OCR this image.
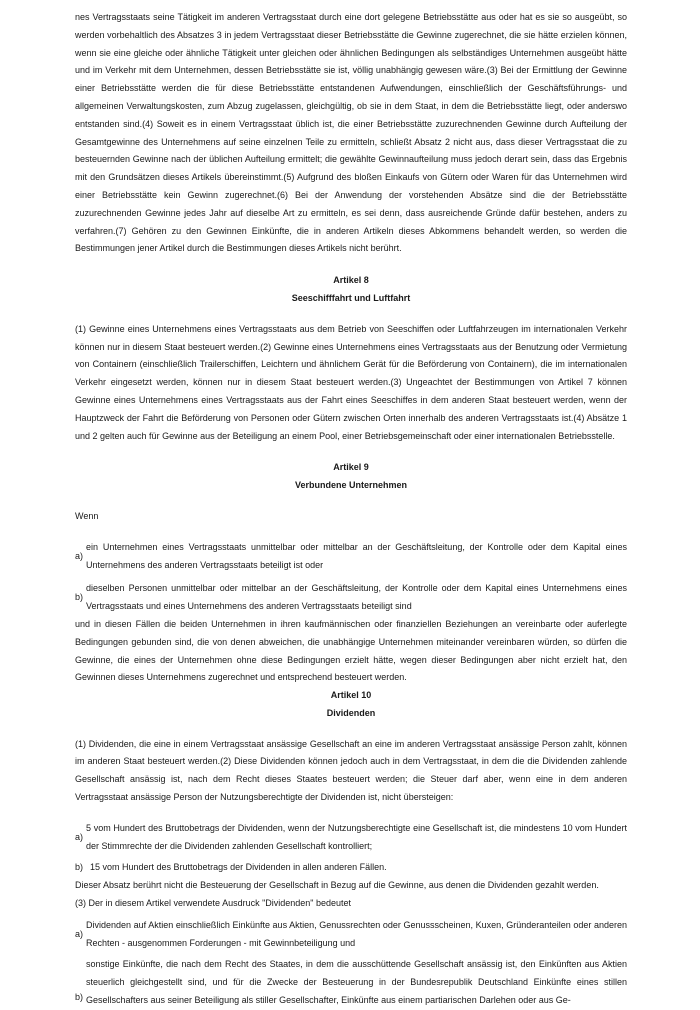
nes Vertragsstaats seine Tätigkeit im anderen Vertragsstaat durch eine dort gelegene Betriebsstätte aus oder hat es sie so ausgeübt, so werden vorbehaltlich des Absatzes 3 in jedem Vertragsstaat dieser Betriebsstätte die Gewinne zugerechnet, die sie hätte erzielen können, wenn sie eine gleiche oder ähnliche Tätigkeit unter gleichen oder ähnlichen Bedingungen als selbständiges Unternehmen ausgeübt hätte und im Verkehr mit dem Unternehmen, dessen Betriebsstätte sie ist, völlig unabhängig gewesen wäre.(3) Bei der Ermittlung der Gewinne einer Betriebsstätte werden die für diese Betriebsstätte entstandenen Aufwendungen, einschließlich der Geschäftsführungs- und allgemeinen Verwaltungskosten, zum Abzug zugelassen, gleichgültig, ob sie in dem Staat, in dem die Betriebsstätte liegt, oder anderswo entstanden sind.(4) Soweit es in einem Vertragsstaat üblich ist, die einer Betriebsstätte zuzurechnenden Gewinne durch Aufteilung der Gesamtgewinne des Unternehmens auf seine einzelnen Teile zu ermitteln, schließt Absatz 2 nicht aus, dass dieser Vertragsstaat die zu besteuernden Gewinne nach der üblichen Aufteilung ermittelt; die gewählte Gewinnaufteilung muss jedoch derart sein, dass das Ergebnis mit den Grundsätzen dieses Artikels übereinstimmt.(5) Aufgrund des bloßen Einkaufs von Gütern oder Waren für das Unternehmen wird einer Betriebsstätte kein Gewinn zugerechnet.(6) Bei der Anwendung der vorstehenden Absätze sind die der Betriebsstätte zuzurechnenden Gewinne jedes Jahr auf dieselbe Art zu ermitteln, es sei denn, dass ausreichende Gründe dafür bestehen, anders zu verfahren.(7) Gehören zu den Gewinnen Einkünfte, die in anderen Artikeln dieses Abkommens behandelt werden, so werden die Bestimmungen jener Artikel durch die Bestimmungen dieses Artikels nicht berührt.

Artikel 8
Seeschifffahrt und Luftfahrt

(1) Gewinne eines Unternehmens eines Vertragsstaats aus dem Betrieb von Seeschiffen oder Luftfahrzeugen im internationalen Verkehr können nur in diesem Staat besteuert werden.(2) Gewinne eines Unternehmens eines Vertragsstaats aus der Benutzung oder Vermietung von Containern (einschließlich Trailerschiffen, Leichtern und ähnlichem Gerät für die Beförderung von Containern), die im internationalen Verkehr eingesetzt werden, können nur in diesem Staat besteuert werden.(3) Ungeachtet der Bestimmungen von Artikel 7 können Gewinne eines Unternehmens eines Vertragsstaats aus der Fahrt eines Seeschiffes in dem anderen Staat besteuert werden, wenn der Hauptzweck der Fahrt die Beförderung von Personen oder Gütern zwischen Orten innerhalb des anderen Vertragsstaats ist.(4) Absätze 1 und 2 gelten auch für Gewinne aus der Beteiligung an einem Pool, einer Betriebsgemeinschaft oder einer internationalen Betriebsstelle.

Artikel 9
Verbundene Unternehmen

Wenn

a)
ein Unternehmen eines Vertragsstaats unmittelbar oder mittelbar an der Geschäftsleitung, der Kontrolle oder dem Kapital eines Unternehmens des anderen Vertragsstaats beteiligt ist oder
b)
dieselben Personen unmittelbar oder mittelbar an der Geschäftsleitung, der Kontrolle oder dem Kapital eines Unternehmens eines Vertragsstaats und eines Unternehmens des anderen Vertragsstaats beteiligt sind

und in diesen Fällen die beiden Unternehmen in ihren kaufmännischen oder finanziellen Beziehungen an vereinbarte oder auferlegte Bedingungen gebunden sind, die von denen abweichen, die unabhängige Unternehmen miteinander vereinbaren würden, so dürfen die Gewinne, die eines der Unternehmen ohne diese Bedingungen erzielt hätte, wegen dieser Bedingungen aber nicht erzielt hat, den Gewinnen dieses Unternehmens zugerechnet und entsprechend besteuert werden.

Artikel 10
Dividenden

(1) Dividenden, die eine in einem Vertragsstaat ansässige Gesellschaft an eine im anderen Vertragsstaat ansässige Person zahlt, können im anderen Staat besteuert werden.(2) Diese Dividenden können jedoch auch in dem Vertragsstaat, in dem die die Dividenden zahlende Gesellschaft ansässig ist, nach dem Recht dieses Staates besteuert werden; die Steuer darf aber, wenn eine in dem anderen Vertragsstaat ansässige Person der Nutzungsberechtigte der Dividenden ist, nicht übersteigen:

a)
5 vom Hundert des Bruttobetrags der Dividenden, wenn der Nutzungsberechtigte eine Gesellschaft ist, die mindestens 10 vom Hundert der Stimmrechte der die Dividenden zahlenden Gesellschaft kontrolliert;
b) 15 vom Hundert des Bruttobetrags der Dividenden in allen anderen Fällen.

Dieser Absatz berührt nicht die Besteuerung der Gesellschaft in Bezug auf die Gewinne, aus denen die Dividenden gezahlt werden.

(3) Der in diesem Artikel verwendete Ausdruck "Dividenden" bedeutet

a)
Dividenden auf Aktien einschließlich Einkünfte aus Aktien, Genussrechten oder Genussscheinen, Kuxen, Gründeranteilen oder anderen Rechten - ausgenommen Forderungen - mit Gewinnbeteiligung und
b)
sonstige Einkünfte, die nach dem Recht des Staates, in dem die ausschüttende Gesellschaft ansässig ist, den Einkünften aus Aktien steuerlich gleichgestellt sind, und für die Zwecke der Besteuerung in der Bundesrepublik Deutschland Einkünfte eines stillen Gesellschafters aus seiner Beteiligung als stiller Gesellschafter, Einkünfte aus einem partiarischen Darlehen oder aus Ge-
